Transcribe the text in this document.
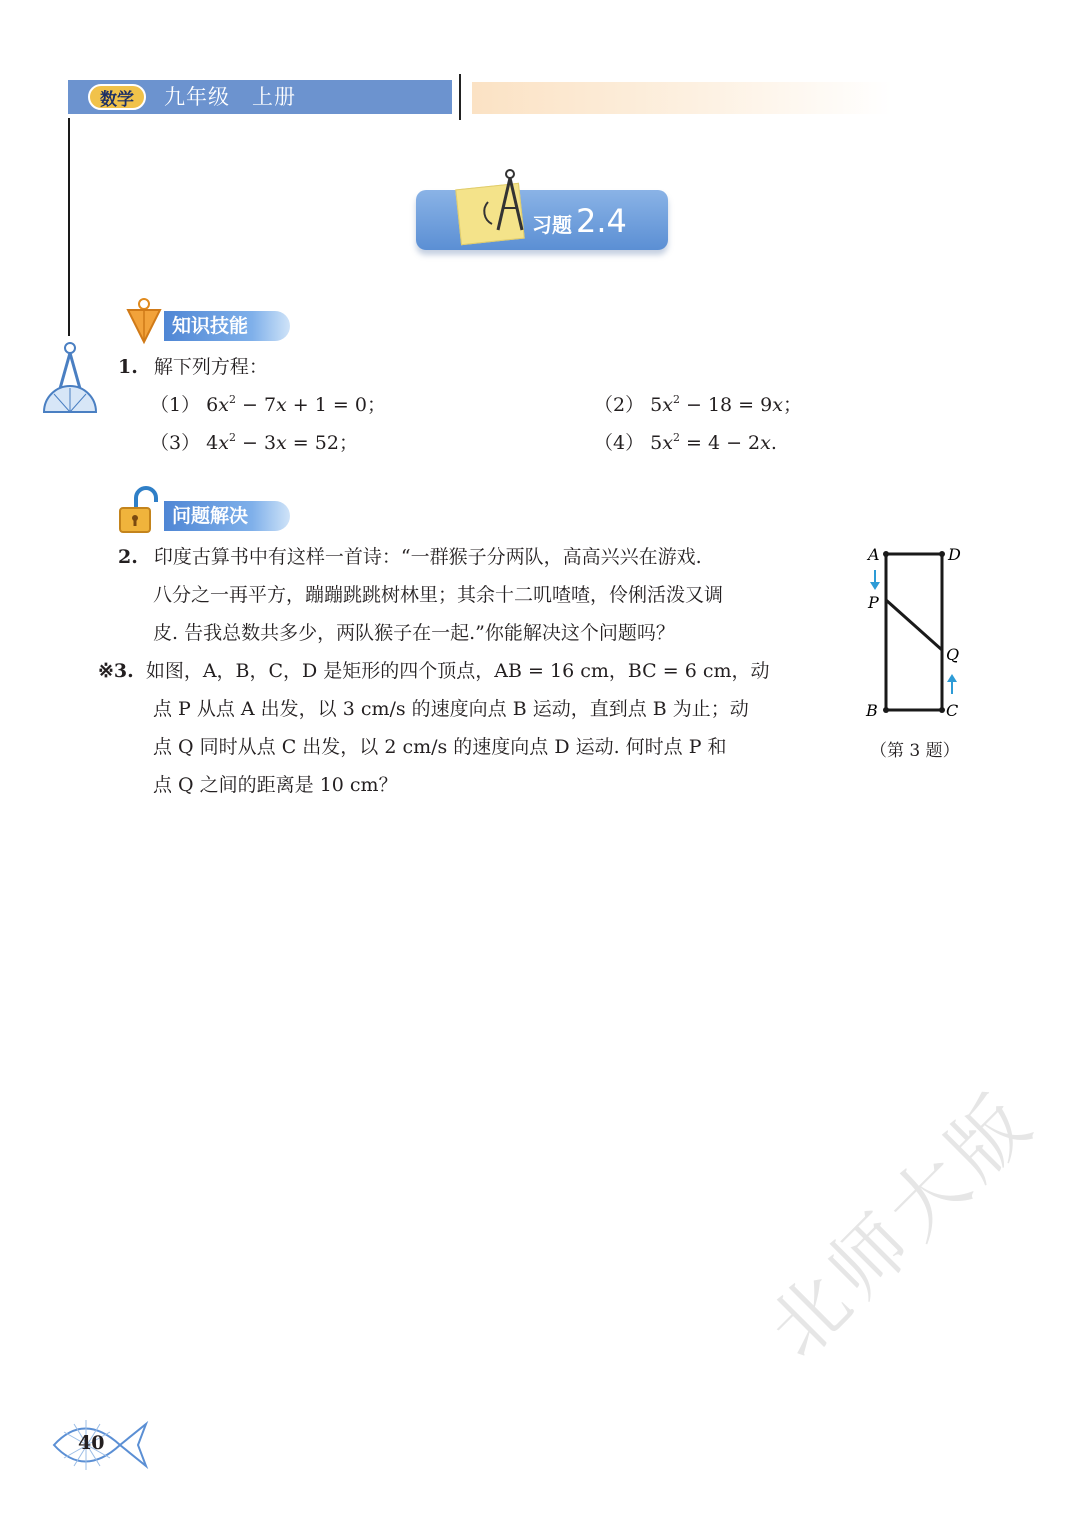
数学	九年级　上册
习题 2.4
知识技能
1. 解下列方程：
（1） $6x^2 - 7x + 1 = 0$；	（2） $5x^2 - 18 = 9x$；
（3） $4x^2 - 3x = 52$；	（4） $5x^2 = 4 - 2x$.
问题解决
2. 印度古算书中有这样一首诗：“一群猴子分两队，高高兴兴在游戏.
八分之一再平方，蹦蹦跳跳树林里；其余十二叽喳喳，伶俐活泼又调
皮. 告我总数共多少，两队猴子在一起.”你能解决这个问题吗？
※3. 如图，A，B，C，D 是矩形的四个顶点，AB = 16 cm，BC = 6 cm，动
点 P 从点 A 出发，以 3 cm/s 的速度向点 B 运动，直到点 B 为止；动
点 Q 同时从点 C 出发，以 2 cm/s 的速度向点 D 运动. 何时点 P 和
点 Q 之间的距离是 10 cm？
A	D
P
Q
B	C
（第 3 题）
40
北师大版
